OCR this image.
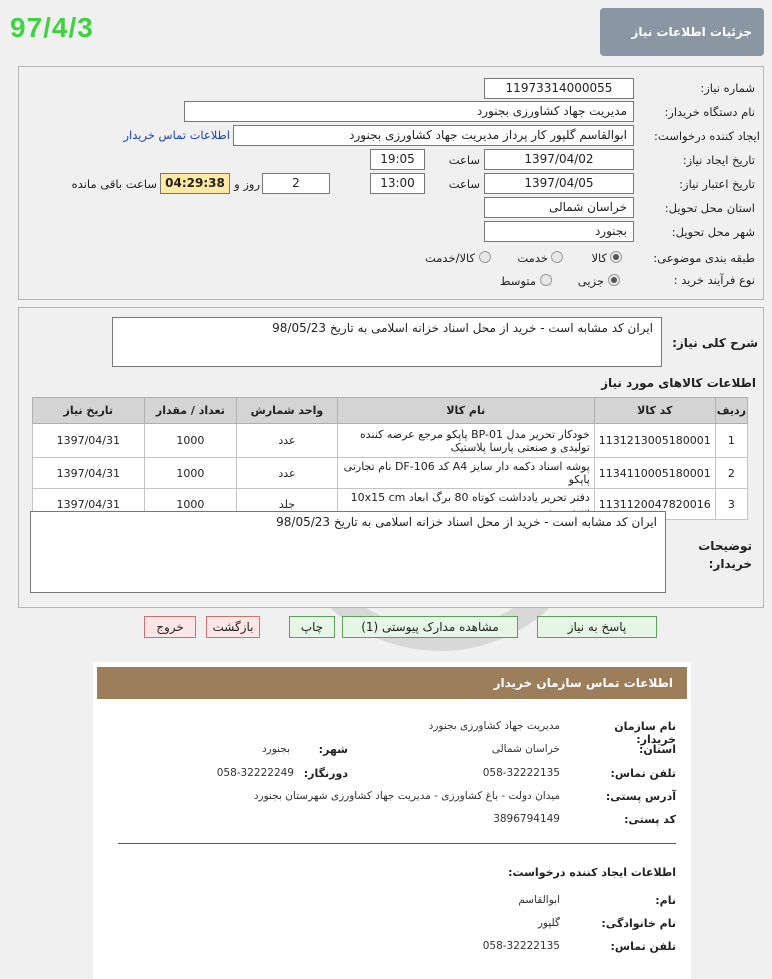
97/4/3	جزئیات اطلاعات نیاز
شماره نیاز:
11973314000055
نام دستگاه خریدار:
مدیریت جهاد کشاورزی بجنورد
ایجاد کننده درخواست:
ابوالقاسم گلپور کار پرداز مدیریت جهاد کشاورزی بجنورد
اطلاعات تماس خریدار
تاریخ ایجاد نیاز:
1397/04/02
ساعت
19:05
تاریخ اعتبار نیاز:
1397/04/05
ساعت
13:00
2
روز و
04:29:38
ساعت باقی مانده
استان محل تحویل:
خراسان شمالی
شهر محل تحویل:
بجنورد
طبقه بندی موضوعی:
کالا
خدمت
کالا/خدمت
نوع فرآیند خرید :
جزیی
متوسط
شرح کلی نیاز:
ایران کد مشابه است - خرید از محل اسناد خزانه اسلامی به تاریخ 98/05/23
اطلاعات کالاهای مورد نیاز
ردیف	کد کالا	نام کالا	واحد شمارش	تعداد / مقدار	تاریخ نیاز
1	1131213005180001	خودکار تحریر مدل BP-01 پاپکو مرجع عرضه کننده تولیدی و صنعتی پارسا پلاستیک	عدد	1000	1397/04/31
2	1134110005180001	پوشه اسناد دکمه دار سایز A4 کد DF-106 نام تجارتی پاپکو	عدد	1000	1397/04/31
3	1131120047820016	دفتر تحریر یادداشت کوتاه 80 برگ ابعاد 10x15 cm	جلد	1000	1397/04/31
توضیحات خریدار:
ایران کد مشابه است - خرید از محل اسناد خزانه اسلامی به تاریخ 98/05/23
پاسخ به نیاز
مشاهده مدارک پیوستی (1)
چاپ
بازگشت
خروج
اطلاعات تماس سازمان خریدار
نام سازمان خریدار:
مدیریت جهاد کشاورزی بجنورد
استان:
خراسان شمالی
شهر:
بجنورد
تلفن تماس:
058-32222135
دورنگار:
058-32222249
آدرس پستی:
میدان دولت - باغ کشاورزی - مدیریت جهاد کشاورزی شهرستان بجنورد
کد پستی:
3896794149
اطلاعات ایجاد کننده درخواست:
نام:
ابوالقاسم
نام خانوادگی:
گلپور
تلفن تماس:
058-32222135
